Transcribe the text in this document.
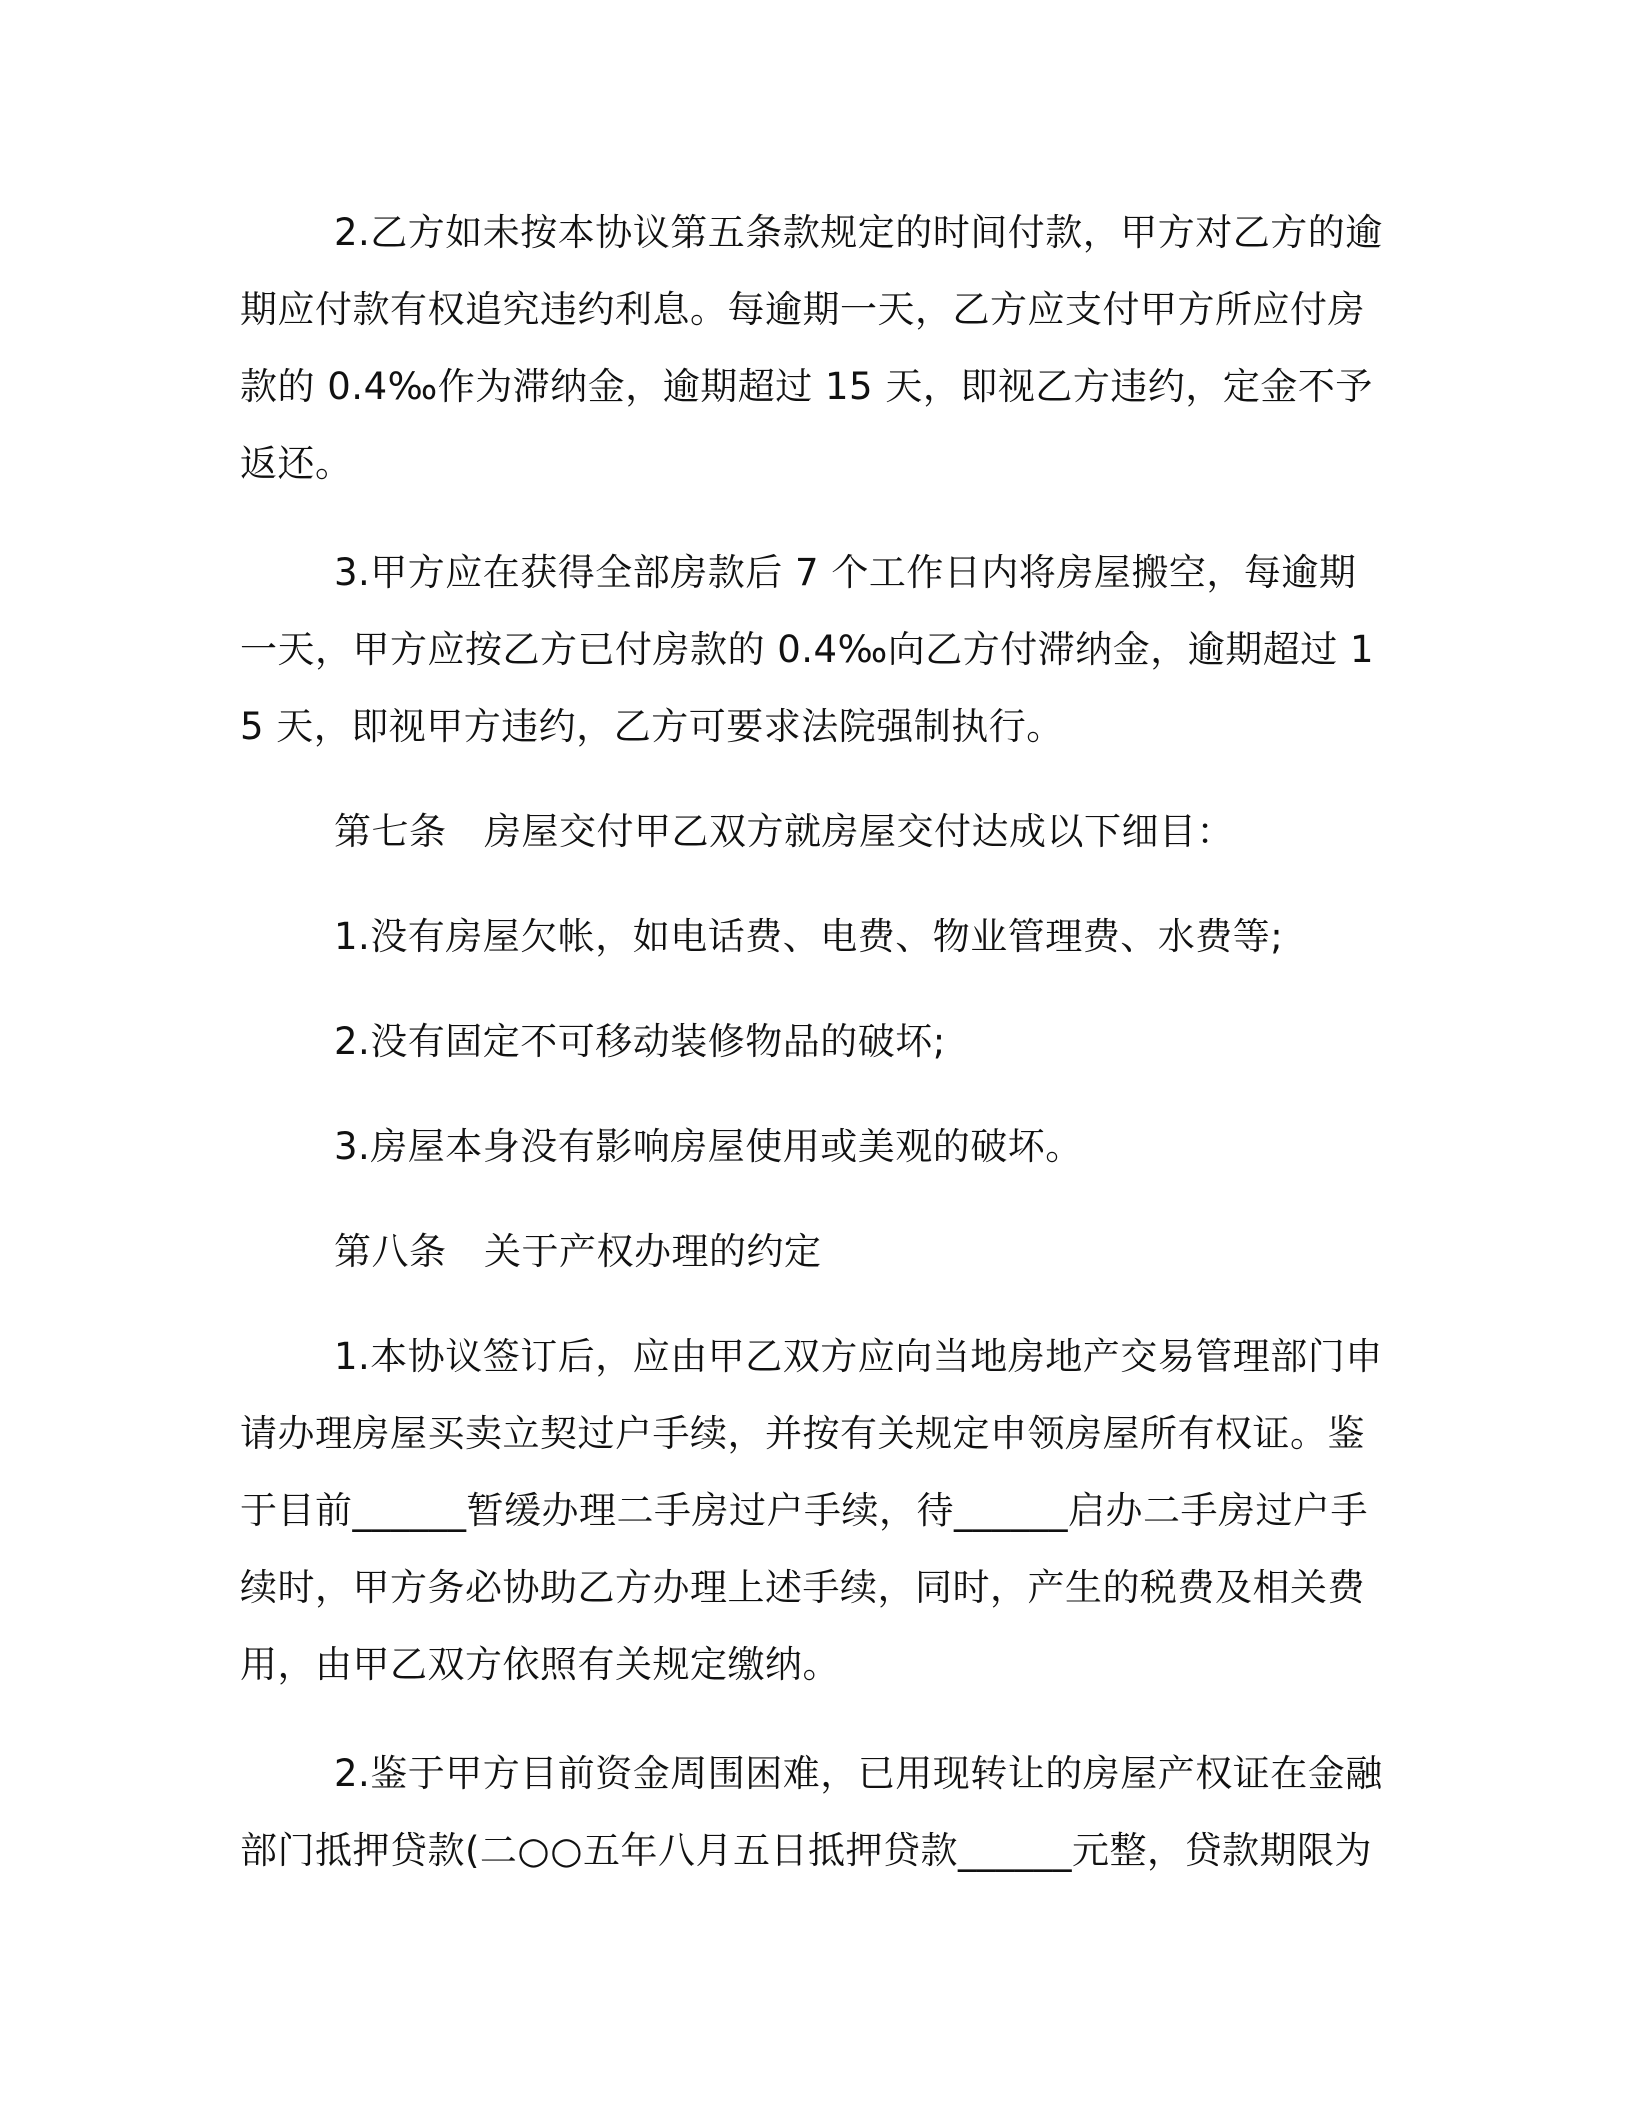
2.乙方如未按本协议第五条款规定的时间付款，甲方对乙方的逾期应付款有权追究违约利息。每逾期一天，乙方应支付甲方所应付房款的 0.4‰作为滞纳金，逾期超过 15 天，即视乙方违约，定金不予返还。

3.甲方应在获得全部房款后 7 个工作日内将房屋搬空，每逾期一天，甲方应按乙方已付房款的 0.4‰向乙方付滞纳金，逾期超过 15 天，即视甲方违约，乙方可要求法院强制执行。

第七条　房屋交付甲乙双方就房屋交付达成以下细目：

1.没有房屋欠帐，如电话费、电费、物业管理费、水费等;

2.没有固定不可移动装修物品的破坏;

3.房屋本身没有影响房屋使用或美观的破坏。

第八条　关于产权办理的约定

1.本协议签订后，应由甲乙双方应向当地房地产交易管理部门申请办理房屋买卖立契过户手续，并按有关规定申领房屋所有权证。鉴于目前______暂缓办理二手房过户手续，待______启办二手房过户手续时，甲方务必协助乙方办理上述手续，同时，产生的税费及相关费用，由甲乙双方依照有关规定缴纳。

2.鉴于甲方目前资金周围困难，已用现转让的房屋产权证在金融部门抵押贷款(二○○五年八月五日抵押贷款______元整，贷款期限为
